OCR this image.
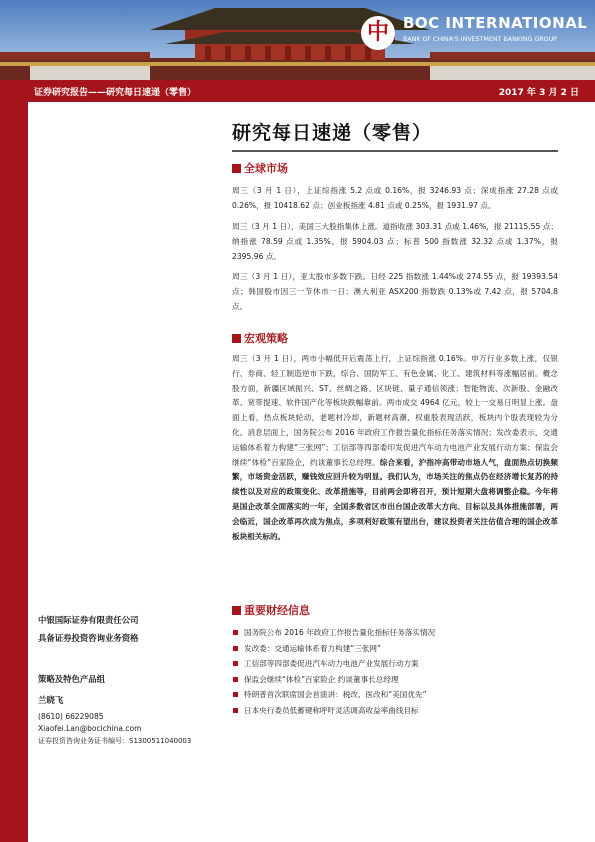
中 BOC INTERNATIONAL
BANK OF CHINA'S INVESTMENT BANKING GROUP
证券研究报告——研究每日速递（零售）	2017 年 3 月 2 日
研究每日速递（零售）
全球市场
周三（3 月 1 日），上证综指涨 5.2 点或 0.16%，报 3246.93 点；深成指涨 27.28 点或 0.26%，报 10418.62 点；创业板指涨 4.81 点或 0.25%，报 1931.97 点。
周三（3 月 1 日），美国三大股指集体上涨。道指收涨 303.31 点或 1.46%，报 21115.55 点；纳指涨 78.59 点或 1.35%，报 5904.03 点；标普 500 指数涨 32.32 点或 1.37%，报 2395.96 点。
周三（3 月 1 日），亚太股市多数下跌。日经 225 指数涨 1.44%或 274.55 点，报 19393.54 点；韩国股市因三一节休市一日；澳大利亚 ASX200 指数跌 0.13%或 7.42 点，报 5704.8 点。
宏观策略
周三（3 月 1 日），两市小幅低开后震荡上行，上证综指涨 0.16%。申万行业多数上涨，仅银行、券商、轻工制造逆市下跌，综合、国防军工、有色金属、化工、建筑材料等涨幅居前。概念股方面，新疆区域振兴、ST、丝绸之路、区块链、量子通信领涨；智能物流、次新股、金融改革、宽带提速、软件国产化等板块跌幅靠前。两市成交 4964 亿元，较上一交易日明显上涨。盘面上看，热点板块轮动，老题材冷却，新题材高潮，权重股表现活跃，板块内个股表现较为分化。消息层面上，国务院公布 2016 年政府工作报告量化指标任务落实情况；发改委表示，交通运输体系着力构建“三张网”；工信部等四部委印发促进汽车动力电池产业发展行动方案；保监会继续“体检”百家险企，约谈董事长总经理。综合来看，沪指冲高带动市场人气，盘面热点切换频繁，市场资金活跃，赚钱效应回升较为明显。我们认为，市场关注的焦点仍在经济增长复苏的持续性以及对应的政策变化、改革措施等，目前两会即将召开，预计短期大盘将调整企稳。今年将是国企改革全面落实的一年，全国多数省区市出台国企改革大方向、目标以及具体措施部署，两会临近，国企改革再次成为焦点，多项利好政策有望出台，建议投资者关注估值合理的国企改革板块相关标的。
重要财经信息
国务院公布 2016 年政府工作报告量化指标任务落实情况
发改委：交通运输体系着力构建“三张网”
工信部等四部委促进汽车动力电池产业发展行动方案
保监会继续“体检”百家险企 约谈董事长总经理
特朗普首次联席国会首演讲：税改、医改和“美国优先”
日本央行委员低蓄键称呼吁灵活调高收益率曲线目标
中银国际证券有限责任公司
具备证券投资咨询业务资格
策略及特色产品组
兰晓飞
(8610) 66229085
Xiaofei.Lan@bocichina.com
证券投资咨询业务证书编号：S1300511040003
